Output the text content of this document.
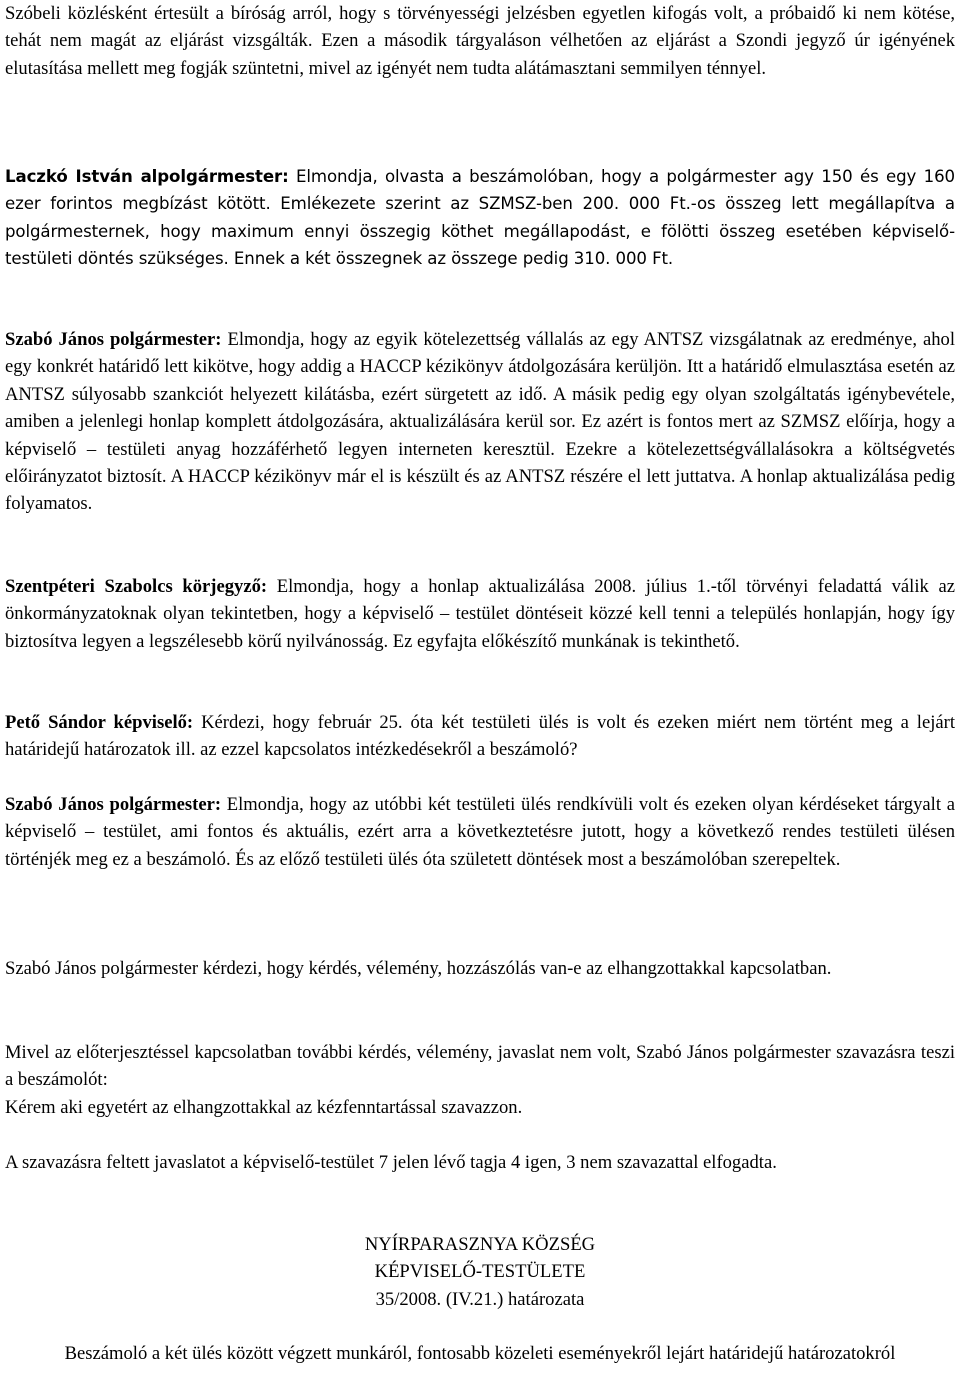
Szóbeli közlésként értesült a bíróság arról, hogy s törvényességi jelzésben egyetlen kifogás volt, a próbaidő ki nem kötése, tehát nem magát az eljárást vizsgálták. Ezen a második tárgyaláson vélhetően az eljárást a Szondi jegyző úr igényének elutasítása mellett meg fogják szüntetni, mivel az igényét nem tudta alátámasztani semmilyen ténnyel.

Laczkó István alpolgármester: Elmondja, olvasta a beszámolóban, hogy a polgármester agy 150 és egy 160 ezer forintos megbízást kötött. Emlékezete szerint az SZMSZ-ben 200. 000 Ft.-os összeg lett megállapítva a polgármesternek, hogy maximum ennyi összegig köthet megállapodást, e fölötti összeg esetében képviselő-testületi döntés szükséges. Ennek a két összegnek az összege pedig 310. 000 Ft.

Szabó János polgármester: Elmondja, hogy az egyik kötelezettség vállalás az egy ANTSZ vizsgálatnak az eredménye, ahol egy konkrét határidő lett kikötve, hogy addig a HACCP kézikönyv átdolgozására kerüljön. Itt a határidő elmulasztása esetén az ANTSZ súlyosabb szankciót helyezett kilátásba, ezért sürgetett az idő. A másik pedig egy olyan szolgáltatás igénybevétele, amiben a jelenlegi honlap komplett átdolgozására, aktualizálására kerül sor. Ez azért is fontos mert az SZMSZ előírja, hogy a képviselő – testületi anyag hozzáférhető legyen interneten keresztül. Ezekre a kötelezettségvállalásokra a költségvetés előirányzatot biztosít. A HACCP kézikönyv már el is készült és az ANTSZ részére el lett juttatva. A honlap aktualizálása pedig folyamatos.

Szentpéteri Szabolcs körjegyző: Elmondja, hogy a honlap aktualizálása 2008. július 1.-től törvényi feladattá válik az önkormányzatoknak olyan tekintetben, hogy a képviselő – testület döntéseit közzé kell tenni a település honlapján, hogy így biztosítva legyen a legszélesebb körű nyilvánosság. Ez egyfajta előkészítő munkának is tekinthető.

Pető Sándor képviselő: Kérdezi, hogy február 25. óta két testületi ülés is volt és ezeken miért nem történt meg a lejárt határidejű határozatok ill. az ezzel kapcsolatos intézkedésekről a beszámoló?

Szabó János polgármester: Elmondja, hogy az utóbbi két testületi ülés rendkívüli volt és ezeken olyan kérdéseket tárgyalt a képviselő – testület, ami fontos és aktuális, ezért arra a következtetésre jutott, hogy a következő rendes testületi ülésen történjék meg ez a beszámoló. És az előző testületi ülés óta született döntések most a beszámolóban szerepeltek.

Szabó János polgármester kérdezi, hogy kérdés, vélemény, hozzászólás van-e az elhangzottakkal kapcsolatban.

Mivel az előterjesztéssel kapcsolatban további kérdés, vélemény, javaslat nem volt, Szabó János polgármester szavazásra teszi a beszámolót:
Kérem aki egyetért az elhangzottakkal az kézfenntartással szavazzon.

A szavazásra feltett javaslatot a képviselő-testület 7 jelen lévő tagja 4 igen, 3 nem szavazattal elfogadta.

NYÍRPARASZNYA KÖZSÉG
KÉPVISELŐ-TESTÜLETE
35/2008. (IV.21.) határozata
Beszámoló a két ülés között végzett munkáról, fontosabb közeleti eseményekről lejárt határidejű határozatokról
